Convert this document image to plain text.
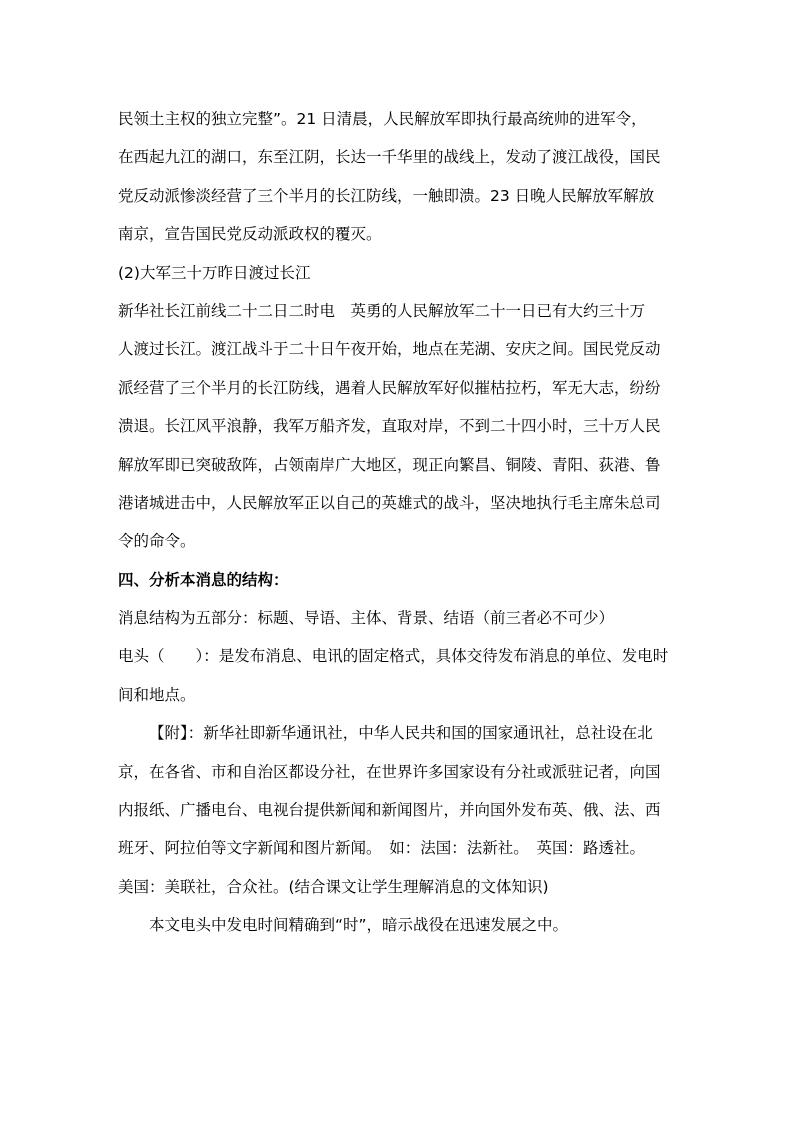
民领土主权的独立完整”。21 日清晨，人民解放军即执行最高统帅的进军令，
在西起九江的湖口，东至江阴，长达一千华里的战线上，发动了渡江战役，国民
党反动派惨淡经营了三个半月的长江防线，一触即溃。23 日晚人民解放军解放
南京，宣告国民党反动派政权的覆灭。
(2)大军三十万昨日渡过长江
新华社长江前线二十二日二时电　英勇的人民解放军二十一日已有大约三十万
人渡过长江。渡江战斗于二十日午夜开始，地点在芜湖、安庆之间。国民党反动
派经营了三个半月的长江防线，遇着人民解放军好似摧枯拉朽，军无大志，纷纷
溃退。长江风平浪静，我军万船齐发，直取对岸，不到二十四小时，三十万人民
解放军即已突破敌阵，占领南岸广大地区，现正向繁昌、铜陵、青阳、荻港、鲁
港诸城进击中，人民解放军正以自己的英雄式的战斗，坚决地执行毛主席朱总司
令的命令。
四、分析本消息的结构：
消息结构为五部分：标题、导语、主体、背景、结语（前三者必不可少）
电头（　　）：是发布消息、电讯的固定格式，具体交待发布消息的单位、发电时
间和地点。
【附】：新华社即新华通讯社，中华人民共和国的国家通讯社，总社设在北
京，在各省、市和自治区都设分社，在世界许多国家设有分社或派驻记者，向国
内报纸、广播电台、电视台提供新闻和新闻图片，并向国外发布英、俄、法、西
班牙、阿拉伯等文字新闻和图片新闻。　如：法国：法新社。　英国：路透社。
美国：美联社，合众社。(结合课文让学生理解消息的文体知识)
本文电头中发电时间精确到“时”，暗示战役在迅速发展之中。
